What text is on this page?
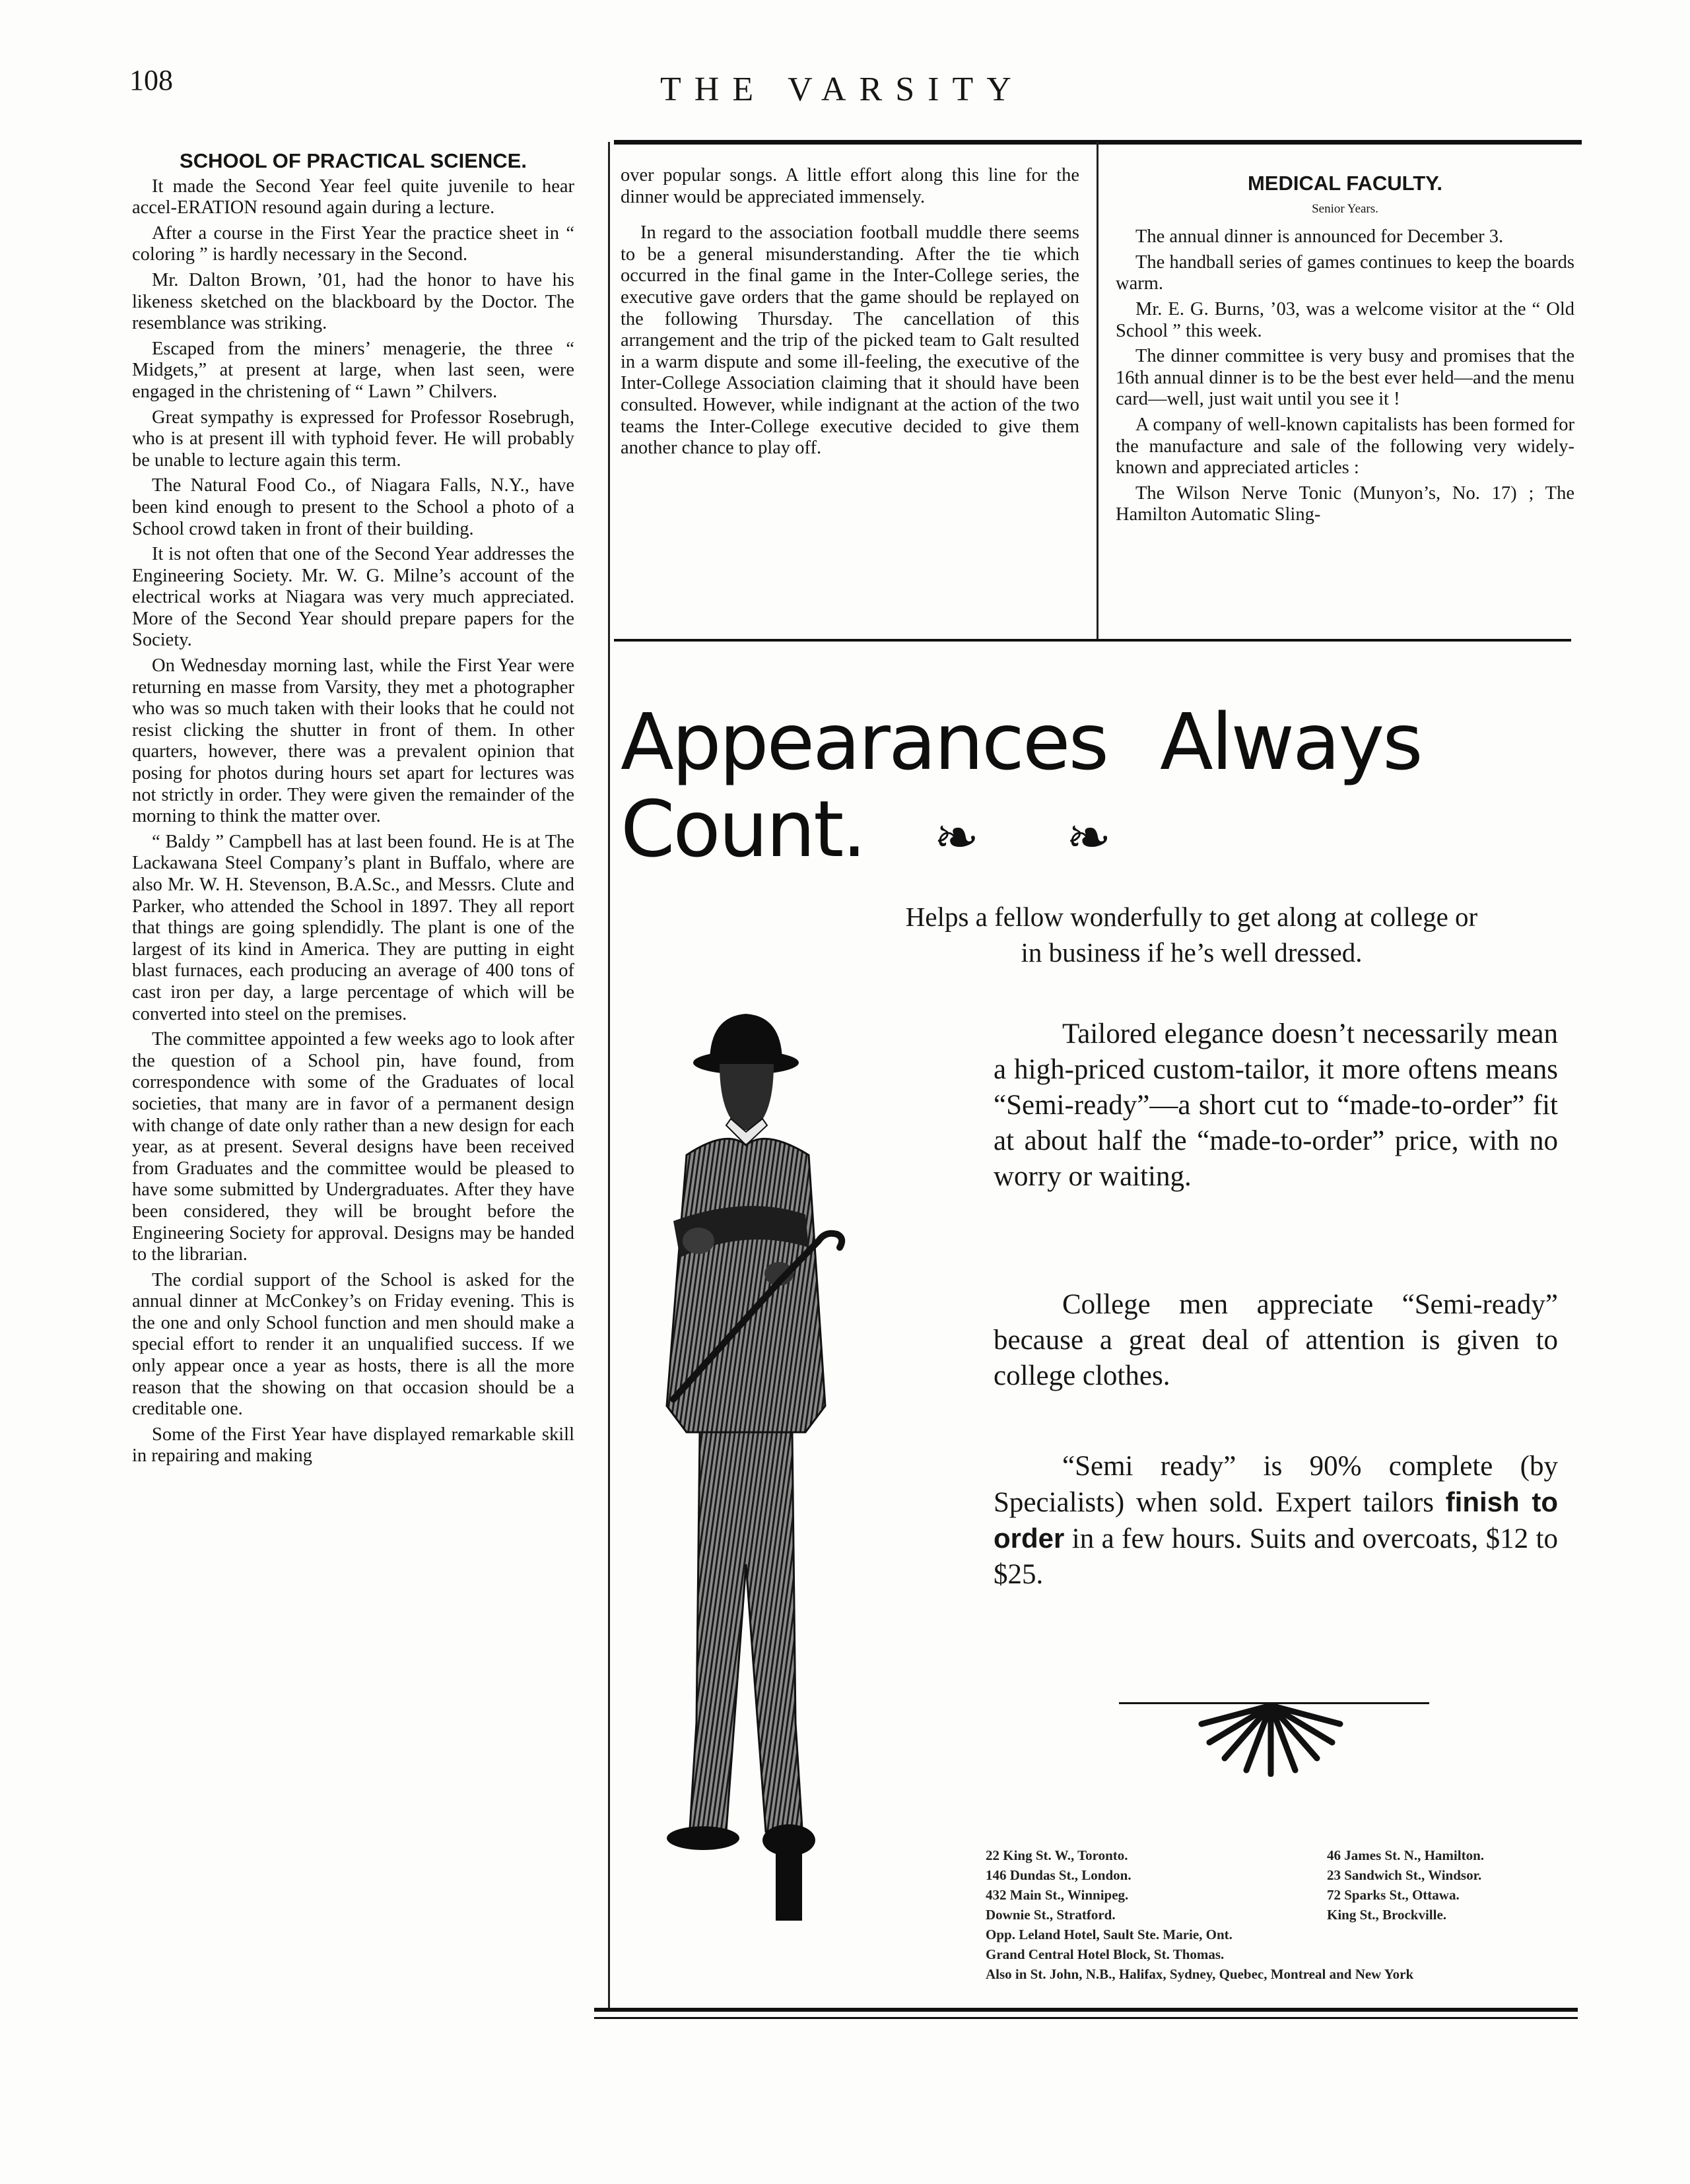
108	THE VARSITY
SCHOOL OF PRACTICAL SCIENCE.

It made the Second Year feel quite juvenile to hear accel-ERATION resound again during a lecture.

After a course in the First Year the practice sheet in “ coloring ” is hardly necessary in the Second.

Mr. Dalton Brown, ’01, had the honor to have his likeness sketched on the blackboard by the Doctor. The resemblance was striking.

Escaped from the miners’ menagerie, the three “ Midgets,” at present at large, when last seen, were engaged in the christening of “ Lawn ” Chilvers.

Great sympathy is expressed for Professor Rosebrugh, who is at present ill with typhoid fever. He will probably be unable to lecture again this term.

The Natural Food Co., of Niagara Falls, N.Y., have been kind enough to present to the School a photo of a School crowd taken in front of their building.

It is not often that one of the Second Year addresses the Engineering Society. Mr. W. G. Milne’s account of the electrical works at Niagara was very much appreciated. More of the Second Year should prepare papers for the Society.

On Wednesday morning last, while the First Year were returning en masse from Varsity, they met a photographer who was so much taken with their looks that he could not resist clicking the shutter in front of them. In other quarters, however, there was a prevalent opinion that posing for photos during hours set apart for lectures was not strictly in order. They were given the remainder of the morning to think the matter over.

“ Baldy ” Campbell has at last been found. He is at The Lackawana Steel Company’s plant in Buffalo, where are also Mr. W. H. Stevenson, B.A.Sc., and Messrs. Clute and Parker, who attended the School in 1897. They all report that things are going splendidly. The plant is one of the largest of its kind in America. They are putting in eight blast furnaces, each producing an average of 400 tons of cast iron per day, a large percentage of which will be converted into steel on the premises.

The committee appointed a few weeks ago to look after the question of a School pin, have found, from correspondence with some of the Graduates of local societies, that many are in favor of a permanent design with change of date only rather than a new design for each year, as at present. Several designs have been received from Graduates and the committee would be pleased to have some submitted by Undergraduates. After they have been considered, they will be brought before the Engineering Society for approval. Designs may be handed to the librarian.

The cordial support of the School is asked for the annual dinner at McConkey’s on Friday evening. This is the one and only School function and men should make a special effort to render it an unqualified success. If we only appear once a year as hosts, there is all the more reason that the showing on that occasion should be a creditable one.

Some of the First Year have displayed remarkable skill in repairing and making

over popular songs. A little effort along this line for the dinner would be appreciated immensely.

In regard to the association football muddle there seems to be a general misunderstanding. After the tie which occurred in the final game in the Inter-College series, the executive gave orders that the game should be replayed on the following Thursday. The cancellation of this arrangement and the trip of the picked team to Galt resulted in a warm dispute and some ill-feeling, the executive of the Inter-College Association claiming that it should have been consulted. However, while indignant at the action of the two teams the Inter-College executive decided to give them another chance to play off.

MEDICAL FACULTY.
Senior Years.

The annual dinner is announced for December 3.

The handball series of games continues to keep the boards warm.

Mr. E. G. Burns, ’03, was a welcome visitor at the “ Old School ” this week.

The dinner committee is very busy and promises that the 16th annual dinner is to be the best ever held—and the menu card—well, just wait until you see it !

A company of well-known capitalists has been formed for the manufacture and sale of the following very widely-known and appreciated articles :

The Wilson Nerve Tonic (Munyon’s, No. 17) ; The Hamilton Automatic Sling-

Appearances Always
Count. ❧ ❧
Helps a fellow wonderfully to get along at college or
in business if he’s well dressed.
Tailored elegance doesn’t necessarily mean a high-priced custom-tailor, it more oftens means “Semi-ready”—a short cut to “made-to-order” fit at about half the “made-to-order” price, with no worry or waiting.
College men appreciate “Semi-ready” because a great deal of attention is given to college clothes.
“Semi ready” is 90% complete (by Specialists) when sold. Expert tailors finish to order in a few hours. Suits and overcoats, $12 to $25.
22 King St. W., Toronto.
146 Dundas St., London.
432 Main St., Winnipeg.
Downie St., Stratford.
Opp. Leland Hotel, Sault Ste. Marie, Ont.
Grand Central Hotel Block, St. Thomas.
Also in St. John, N.B., Halifax, Sydney, Quebec, Montreal and New York
46 James St. N., Hamilton.
23 Sandwich St., Windsor.
72 Sparks St., Ottawa.
King St., Brockville.
